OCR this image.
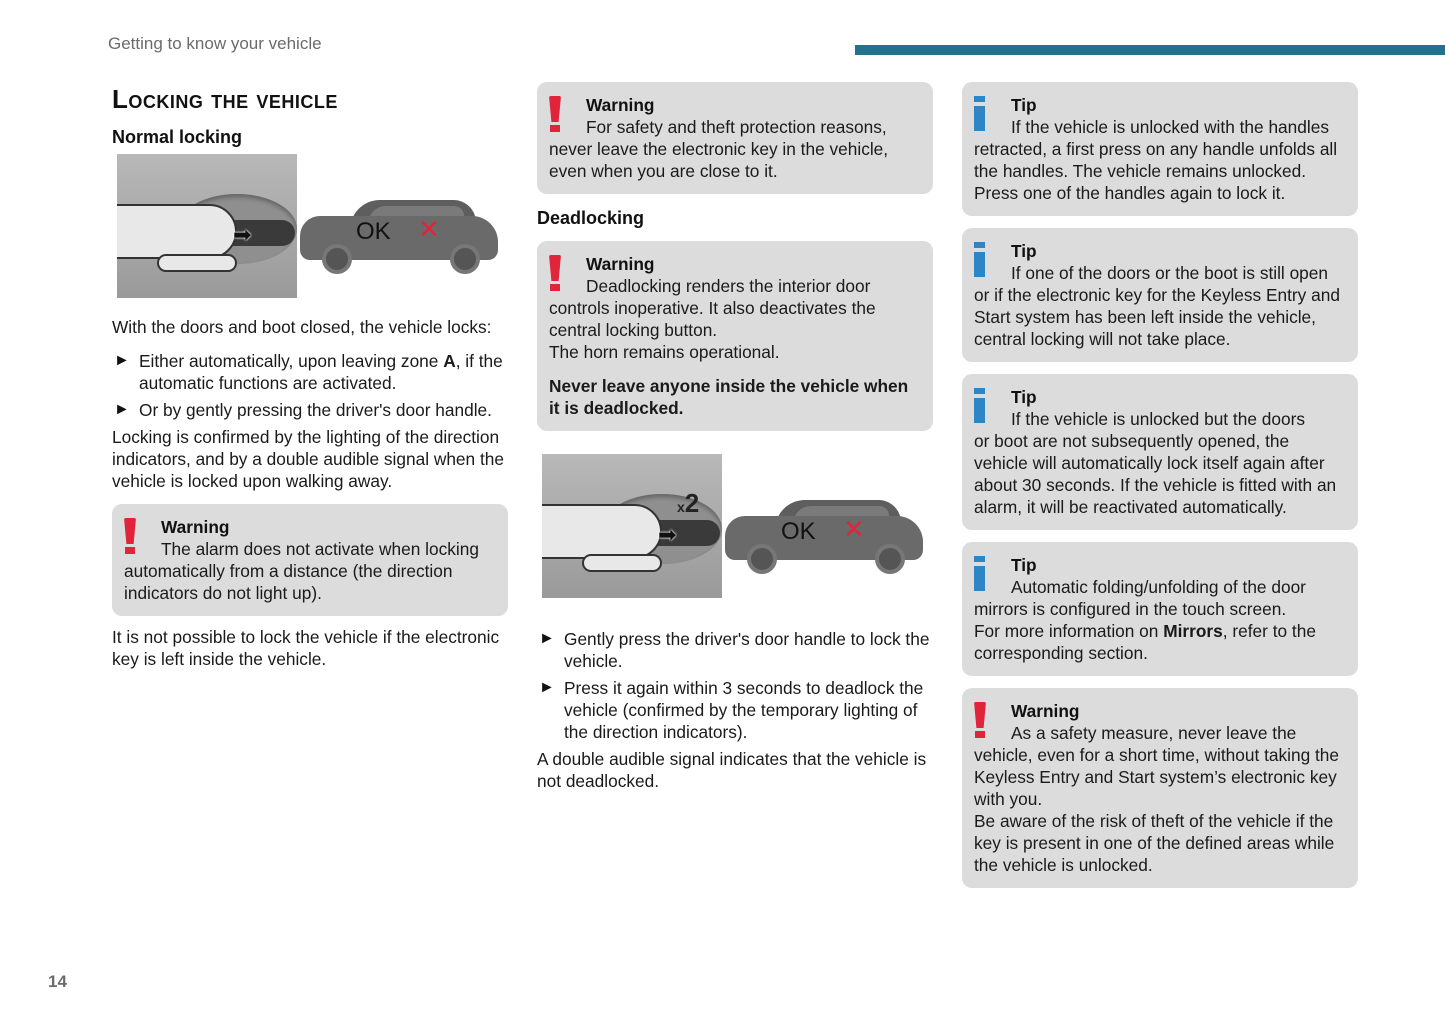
Getting to know your vehicle
14
Locking the vehicle
Normal locking
➡	OK ✕

With the doors and boot closed, the vehicle locks:

► Either automatically, upon leaving zone A, if the automatic functions are activated.
► Or by gently pressing the driver's door handle.

Locking is confirmed by the lighting of the direction indicators, and by a double audible signal when the vehicle is locked upon walking away.

Warning
The alarm does not activate when locking
automatically from a distance (the direction indicators do not light up).

It is not possible to lock the vehicle if the electronic key is left inside the vehicle.

Warning
For safety and theft protection reasons,
never leave the electronic key in the vehicle, even when you are close to it.
Deadlocking
Warning
Deadlocking renders the interior door
controls inoperative. It also deactivates the central locking button.
The horn remains operational.
Never leave anyone inside the vehicle when it is deadlocked.
➡
x2
OK ✕
► Gently press the driver's door handle to lock the vehicle.
► Press it again within 3 seconds to deadlock the vehicle (confirmed by the temporary lighting of the direction indicators).

A double audible signal indicates that the vehicle is not deadlocked.

Tip
If the vehicle is unlocked with the handles
retracted, a first press on any handle unfolds all the handles. The vehicle remains unlocked.
Press one of the handles again to lock it.
Tip
If one of the doors or the boot is still open
or if the electronic key for the Keyless Entry and Start system has been left inside the vehicle, central locking will not take place.
Tip
If the vehicle is unlocked but the doors
or boot are not subsequently opened, the vehicle will automatically lock itself again after about 30 seconds. If the vehicle is fitted with an alarm, it will be reactivated automatically.
Tip
Automatic folding/unfolding of the door
mirrors is configured in the touch screen.
For more information on Mirrors, refer to the corresponding section.
Warning
As a safety measure, never leave the
vehicle, even for a short time, without taking the Keyless Entry and Start system’s electronic key with you.
Be aware of the risk of theft of the vehicle if the key is present in one of the defined areas while the vehicle is unlocked.
